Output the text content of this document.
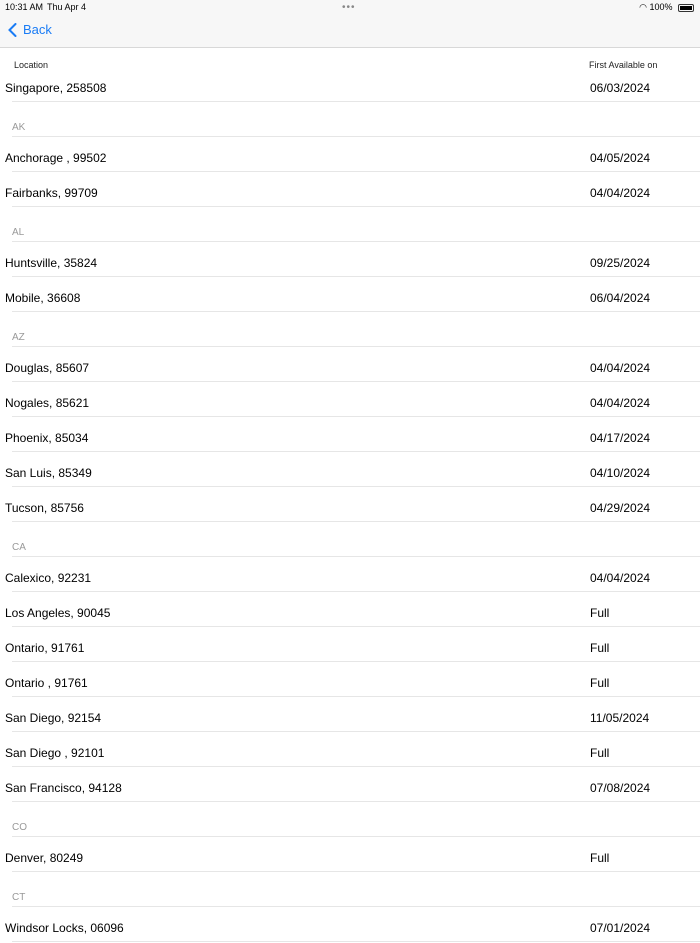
10:31 AM Thu Apr 4	•••	◠ 100%
Back
Location	First Available on
Singapore, 258508	06/03/2024
AK
Anchorage , 99502	04/05/2024
Fairbanks, 99709	04/04/2024
AL
Huntsville, 35824	09/25/2024
Mobile, 36608	06/04/2024
AZ
Douglas, 85607	04/04/2024
Nogales, 85621	04/04/2024
Phoenix, 85034	04/17/2024
San Luis, 85349	04/10/2024
Tucson, 85756	04/29/2024
CA
Calexico, 92231	04/04/2024
Los Angeles, 90045	Full
Ontario, 91761	Full
Ontario , 91761	Full
San Diego, 92154	11/05/2024
San Diego , 92101	Full
San Francisco, 94128	07/08/2024
CO
Denver, 80249	Full
CT
Windsor Locks, 06096	07/01/2024
